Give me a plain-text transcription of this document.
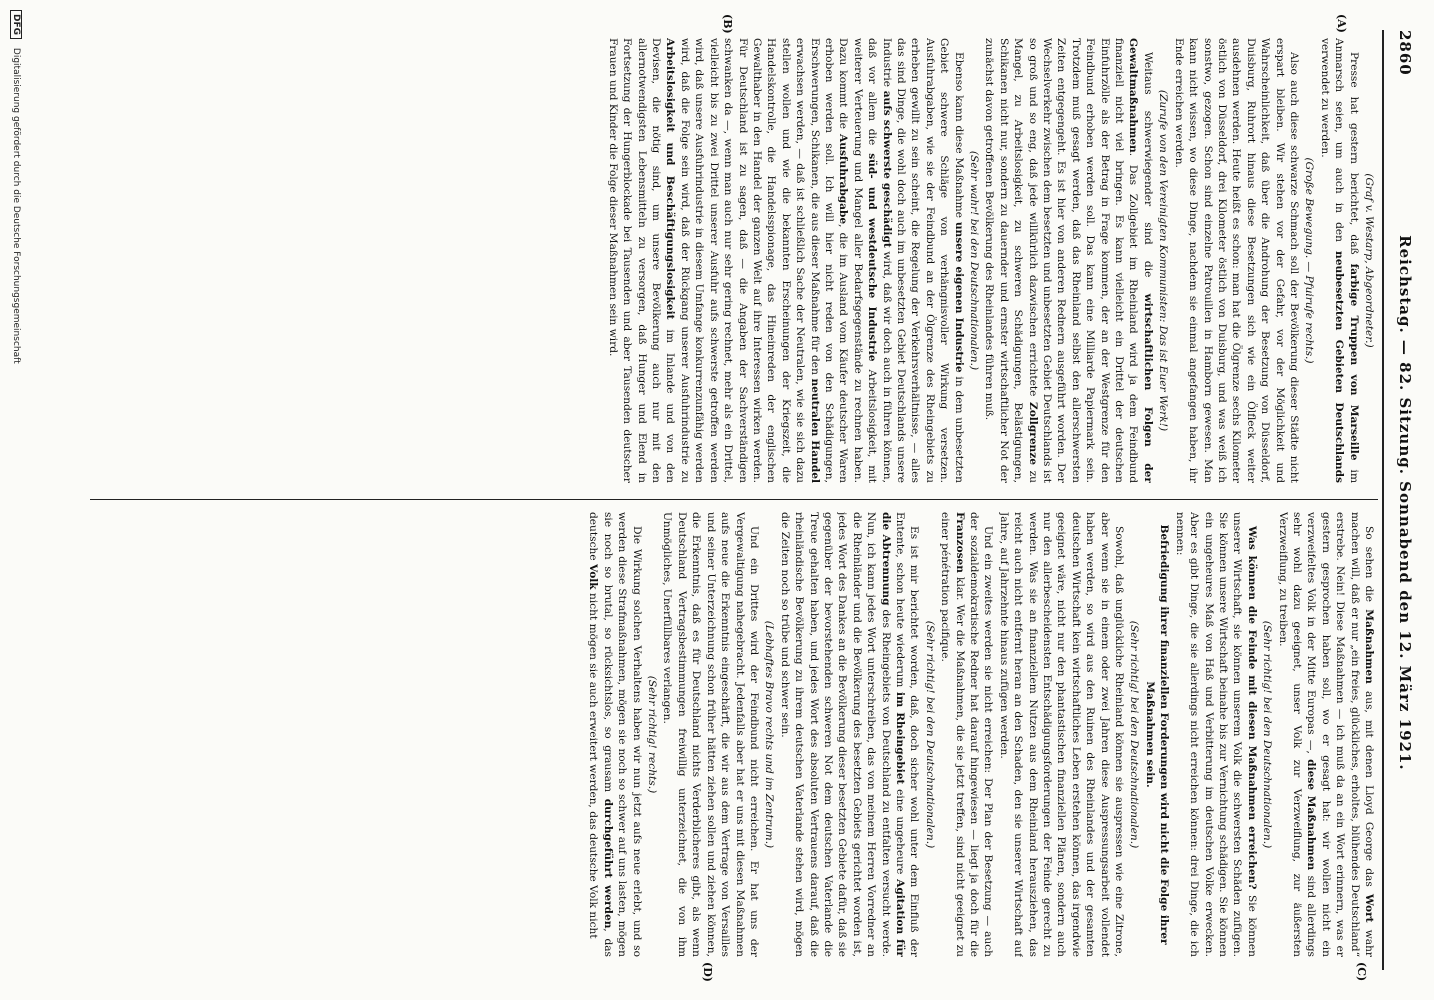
2860
Reichstag. — 82. Sitzung. Sonnabend den 12. März 1921.
(A)
(B)
(C)
(D)

(Graf v. Westarp, Abgeordneter.)

Presse hat gestern berichtet, daß farbige Truppen von Marseille im Anmarsch seien, um auch in den neubesetzten Gebieten Deutschlands verwendet zu werden.

(Große Bewegung. — Pfuirufe rechts.)

Also auch diese schwarze Schmach soll der Bevölkerung dieser Städte nicht erspart bleiben. Wir stehen vor der Gefahr, vor der Möglichkeit und Wahrscheinlichkeit, daß über die Androhung der Besetzung von Düsseldorf, Duisburg, Ruhrort hinaus diese Besetzungen sich wie ein Ölfleck weiter ausdehnen werden. Heute heißt es schon: man hat die Ölgrenze sechs Kilometer östlich von Düsseldorf, drei Kilometer östlich von Duisburg, und was weiß ich sonstwo, gezogen. Schon sind einzelne Patrouillen in Hamborn gewesen. Man kann nicht wissen, wo diese Dinge, nachdem sie einmal angefangen haben, ihr Ende erreichen werden.

(Zurufe von den Vereinigten Kommunisten: Das ist Euer Werk!)

Weitaus schwerwiegender sind die wirtschaftlichen Folgen der Gewaltmaßnahmen. Das Zollgebiet im Rheinland wird ja dem Feindbund finanziell nicht viel bringen. Es kann vielleicht ein Drittel der deutschen Einfuhrzölle als der Betrag in Frage kommen, der an der Westgrenze für den Feindbund erhoben werden soll. Das kann eine Milliarde Papiermark sein. Trotzdem muß gesagt werden, daß das Rheinland selbst den allerschwersten Zeiten entgegengeht. Es ist hier von anderen Rednern ausgeführt worden. Der Wechselverkehr zwischen dem besetzten und unbesetzten Gebiet Deutschlands ist so groß und so eng, daß jede willkürlich dazwischen errichtete Zollgrenze zu Mangel, zu Arbeitslosigkeit, zu schweren Schädigungen, Belästigungen, Schikanen nicht nur, sondern zu dauernder und ernster wirtschaftlicher Not der zunächst davon getroffenen Bevölkerung des Rheinlandes führen muß.

(Sehr wahr! bei den Deutschnationalen.)

Ebenso kann diese Maßnahme unsere eigenen Industrie in dem unbesetzten Gebiet schwere Schläge von verhängnisvoller Wirkung versetzen. Ausfuhrabgaben, wie sie der Feindbund an der Ölgrenze des Rheingebiets zu erheben gewillt zu sein scheint, die Regelung der Verkehrsverhältnisse, — alles das sind Dinge, die wohl doch auch im unbesetzten Gebiet Deutschlands unsere Industrie aufs schwerste geschädigt wird, daß wir doch auch in führen können, daß vor allem die süd- und westdeutsche Industrie Arbeitslosigkeit, mit weiterer Verteuerung und Mangel aller Bedarfsgegenstände zu rechnen haben. Dazu kommt die Ausfuhrabgabe, die im Ausland vom Käufer deutscher Waren erhoben werden soll. Ich will hier nicht reden von den Schädigungen, Erschwerungen, Schikanen, die aus dieser Maßnahme für den neutralen Handel erwachsen werden, — daß ist schließlich Sache der Neutralen, wie sie sich dazu stellen wollen und wie die bekannten Erscheinungen der Kriegszeit, die Handelskontrolle, die Handelsspionage, das Hineinreden der englischen Gewalthaber in den Handel der ganzen Welt auf ihre Interessen wirken werden. Für Deutschland ist zu sagen, daß — die Angaben der Sachverständigen schwanken da —, wenn man auch nur sehr gering rechnet, mehr als ein Drittel, vielleicht bis zu zwei Drittel unserer Ausfuhr aufs schwerste getroffen werden wird, daß unsere Ausfuhrindustrie in diesem Umfange konkurrenzunfähig werden wird, daß die Folge sein wird, daß der Rückgang unserer Ausfuhrindustrie zu Arbeitslosigkeit und Beschäftigungslosigkeit im Inlande und von den Devisen, die nötig sind, um unsere Bevölkerung auch nur mit den allernotwendigsten Lebensmitteln zu versorgen, daß Hunger und Elend in Fortsetzung der Hungerblockade bei Tausenden und aber Tausenden deutscher Frauen und Kinder die Folge dieser Maßnahmen sein wird.

So sehen die Maßnahmen aus, mit denen Lloyd George das Wort wahr machen will, daß er nur „ein freies, glückliches, erholtes, blühendes Deutschland“ erstrebe. Nein! Diese Maßnahmen — ich muß da an ein Wort erinnern, was er gestern gesprochen haben soll, wo er gesagt hat: wir wollen nicht ein verzweifeltes Volk in der Mitte Europas —, diese Maßnahmen sind allerdings sehr wohl dazu geeignet, unser Volk zur Verzweiflung, zur äußersten Verzweiflung, zu treiben.

(Sehr richtig! bei den Deutschnationalen.)

Was können die Feinde mit diesen Maßnahmen erreichen? Sie können unserer Wirtschaft, sie können unserem Volk die schwersten Schäden zufügen. Sie können unsere Wirtschaft beinahe bis zur Vernichtung schädigen. Sie können ein ungeheures Maß von Haß und Verbitterung im deutschen Volke erwecken. Aber es gibt Dinge, die sie allerdings nicht erreichen können: drei Dinge, die ich nennen:

Befriedigung ihrer finanziellen Forderungen wird nicht die Folge ihrer Maßnahmen sein.

(Sehr richtig! bei den Deutschnationalen.)

Sowohl, daß unglückliche Rheinland können sie auspressen wie eine Zitrone, aber wenn sie in einem oder zwei Jahren diese Auspressungsarbeit vollendet haben werden, so wird aus den Ruinen des Rheinlandes und der gesamten deutschen Wirtschaft kein wirtschaftliches Leben erstehen können, das irgendwie geeignet wäre, nicht nur den phantastischen finanziellen Plänen, sondern auch nur den allerbescheidensten Entschädigungsforderungen der Feinde gerecht zu werden. Was sie an finanziellem Nutzen aus dem Rheinland herausziehen, das reicht auch nicht entfernt heran an den Schaden, den sie unserer Wirtschaft auf Jahre, auf Jahrzehnte hinaus zufügen werden.

Und ein zweites werden sie nicht erreichen: Der Plan der Besetzung — auch der sozialdemokratische Redner hat darauf hingewiesen — liegt ja doch für die Franzosen klar. Wer die Maßnahmen, die sie jetzt treffen, sind nicht geeignet zu einer pénétration pacifique.

(Sehr richtig! bei den Deutschnationalen.)

Es ist mir berichtet worden, daß, doch sicher wohl unter dem Einfluß der Entente, schon heute wiederum im Rheingebiet eine ungeheure Agitation für die Abtrennung des Rheingebiets von Deutschland zu entfalten versucht werde. Nun, ich kann jedes Wort unterschreiben, das von meinem Herren Vorredner an die Rheinländer und die Bevölkerung des besetzten Gebiets gerichtet worden ist, jedes Wort des Dankes an die Bevölkerung dieser besetzten Gebiete dafür, daß sie gegenüber der bevorstehenden schweren Not dem deutschen Vaterlande die Treue gehalten haben, und jedes Wort des absoluten Vertrauens darauf, daß die rheinländische Bevölkerung zu ihrem deutschen Vaterlande stehen wird, mögen die Zeiten noch so trübe und schwer sein.

(Lebhaftes Bravo rechts und im Zentrum.)

Und ein Drittes wird der Feindbund nicht erreichen. Er hat uns der Vergewaltigung nahegebracht. Jedenfalls aber hat er uns mit diesen Maßnahmen aufs neue die Erkenntnis eingeschärft, die wir aus dem Vertrage von Versailles und seiner Unterzeichnung schon früher hätten ziehen sollen und ziehen können, die Erkenntnis, daß es für Deutschland nichts Verderblicheres gibt, als wenn Deutschland Vertragsbestimmungen freiwillig unterzeichnet, die von ihm Unmögliches, Unerfüllbares verlangen.

(Sehr richtig! rechts.)

Die Wirkung solchen Verhaltens haben wir nun jetzt aufs neue erlebt, und so werden diese Strafmaßnahmen, mögen sie noch so schwer auf uns lasten, mögen sie noch so brutal, so rücksichtslos, so grausam durchgeführt werden, das deutsche Volk nicht mögen sie auch erweitert werden, das deutsche Volk nicht

DFG Digitalisierung gefördert durch die Deutsche Forschungsgemeinschaft
